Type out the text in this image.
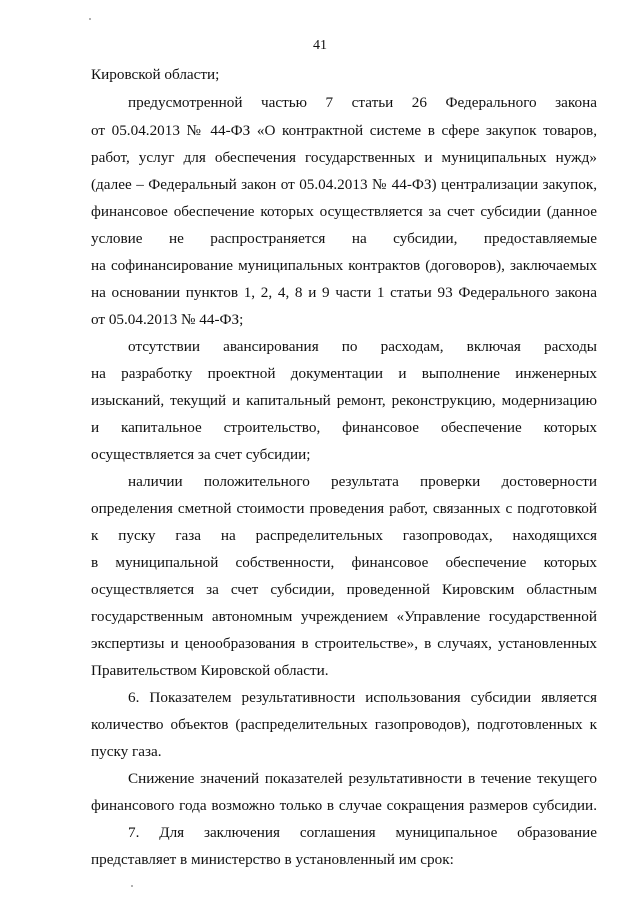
41
Кировской области;
предусмотренной частью 7 статьи 26 Федерального закона
от 05.04.2013 № 44-ФЗ «О контрактной системе в сфере закупок товаров,
работ, услуг для обеспечения государственных и муниципальных нужд»
(далее – Федеральный закон от 05.04.2013 № 44-ФЗ) централизации закупок,
финансовое обеспечение которых осуществляется за счет субсидии (данное
условие не распространяется на субсидии, предоставляемые
на софинансирование муниципальных контрактов (договоров), заключаемых
на основании пунктов 1, 2, 4, 8 и 9 части 1 статьи 93 Федерального закона
от 05.04.2013 № 44-ФЗ;
отсутствии авансирования по расходам, включая расходы
на разработку проектной документации и выполнение инженерных
изысканий, текущий и капитальный ремонт, реконструкцию, модернизацию
и капитальное строительство, финансовое обеспечение которых
осуществляется за счет субсидии;
наличии положительного результата проверки достоверности
определения сметной стоимости проведения работ, связанных с подготовкой
к пуску газа на распределительных газопроводах, находящихся
в муниципальной собственности, финансовое обеспечение которых
осуществляется за счет субсидии, проведенной Кировским областным
государственным автономным учреждением «Управление государственной
экспертизы и ценообразования в строительстве», в случаях, установленных
Правительством Кировской области.
6. Показателем результативности использования субсидии является
количество объектов (распределительных газопроводов), подготовленных к
пуску газа.
Снижение значений показателей результативности в течение текущего
финансового года возможно только в случае сокращения размеров субсидии.
7. Для заключения соглашения муниципальное образование
представляет в министерство в установленный им срок:
